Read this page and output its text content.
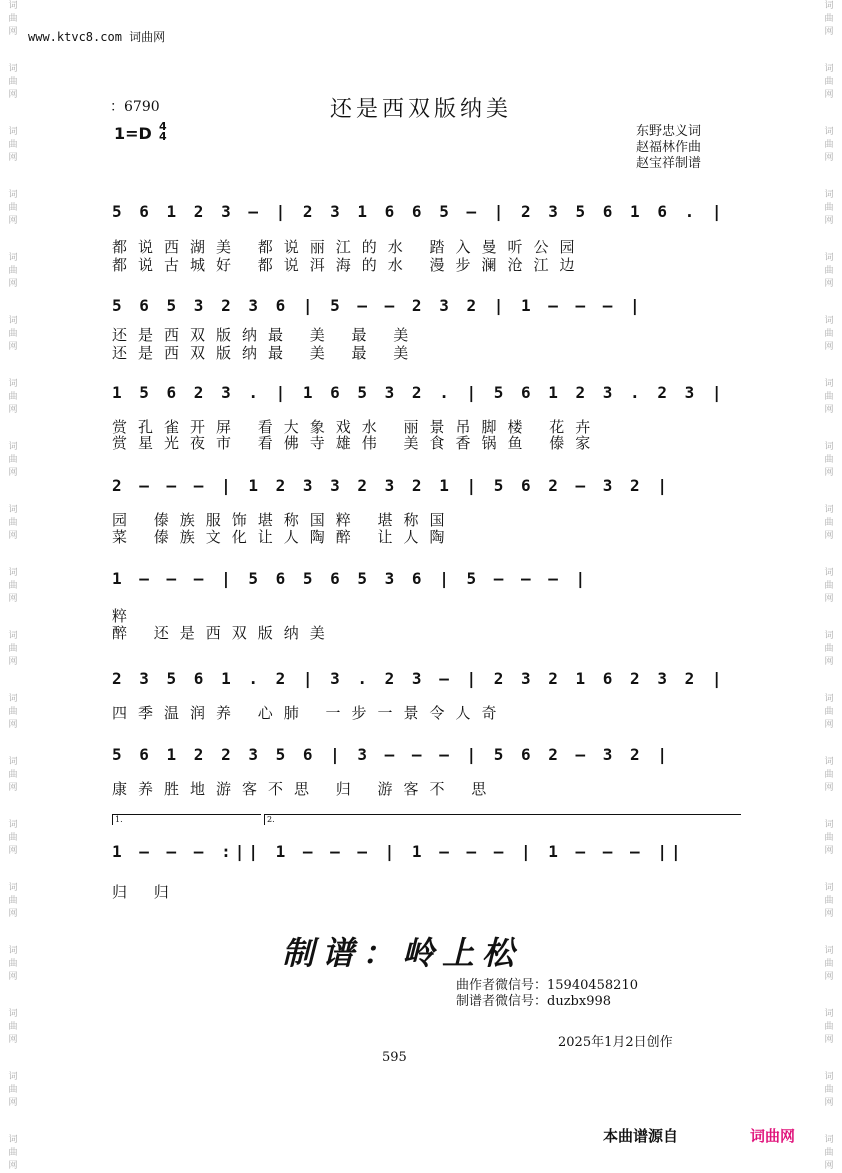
词
曲
网
词
曲
网
词
曲
网
词
曲
网
词
曲
网
词
曲
网
词
曲
网
词
曲
网
词
曲
网
词
曲
网
词
曲
网
词
曲
网
词
曲
网
词
曲
网
词
曲
网
词
曲
网
词
曲
网
词
曲
网
词
曲
网
词
曲
网
词
曲
网
词
曲
网
词
曲
网
词
曲
网
词
曲
网
词
曲
网
词
曲
网
词
曲
网
词
曲
网
词
曲
网
词
曲
网
词
曲
网
词
曲
网
词
曲
网
词
曲
网
词
曲
网
词
曲
网
词
曲
网
www.ktvc8.com 词曲网
还是西双版纳美
：6790
1=D 4
4	东野忠义词
赵福林作曲
赵宝祥制谱
5 6 1 2 3 – | 2 3 1 6 6 5 – | 2 3 5 6 1 6 . |
都说西湖美 都说丽江的水 踏入曼听公园
都说古城好 都说洱海的水 漫步澜沧江边
5 6 5 3 2 3 6 | 5 – – 2 3 2 | 1 – – – |
还是西双版纳最 美 最 美
还是西双版纳最 美 最 美
1 5 6 2 3 . | 1 6 5 3 2 . | 5 6 1 2 3 . 2 3 |
赏孔雀开屏 看大象戏水 丽景吊脚楼 花卉
赏星光夜市 看佛寺雄伟 美食香锅鱼 傣家
2 – – – | 1 2 3 3 2 3 2 1 | 5 6 2 – 3 2 |
园 傣族服饰堪称国粹 堪称国
菜 傣族文化让人陶醉 让人陶
1 – – – | 5 6 5 6 5 3 6 | 5 – – – |
粹
醉 还是西双版纳美
2 3 5 6 1 . 2 | 3 . 2 3 – | 2 3 2 1 6 2 3 2 |
四季温润养 心肺 一步一景令人奇
5 6 1 2 2 3 5 6 | 3 – – – | 5 6 2 – 3 2 |
康养胜地游客不思 归 游客不 思
1.	2.
1 – – – :|| 1 – – – | 1 – – – | 1 – – – ||
归 归
制谱：岭上松
曲作者微信号：15940458210
制谱者微信号：duzbx998
2025年1月2日创作
595
本曲谱源自	词曲网
